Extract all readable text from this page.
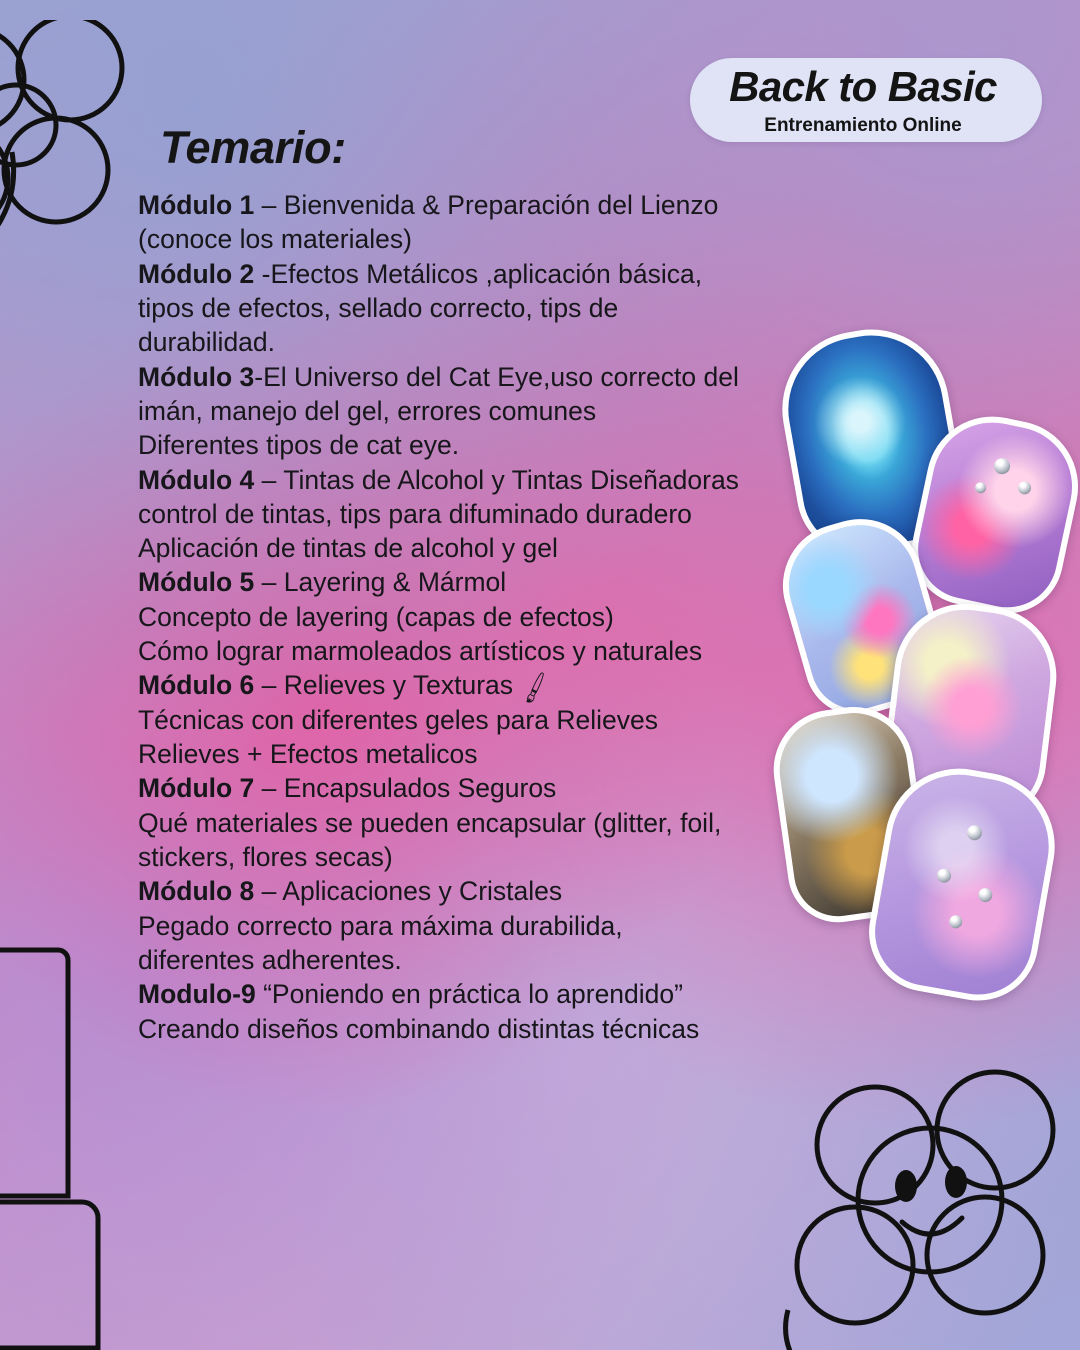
Back to Basic
Entrenamiento Online
Temario:

Módulo 1 – Bienvenida & Preparación del Lienzo
(conoce los materiales)

Módulo 2 -Efectos Metálicos ,aplicación básica,
tipos de efectos, sellado correcto, tips de
durabilidad.

Módulo 3-El Universo del Cat Eye,uso correcto del
imán, manejo del gel, errores comunes
Diferentes tipos de cat eye.

Módulo 4 – Tintas de Alcohol y Tintas Diseñadoras
control de tintas, tips para difuminado duradero
Aplicación de tintas de alcohol y gel

Módulo 5 – Layering & Mármol
Concepto de layering (capas de efectos)
Cómo lograr marmoleados artísticos y naturales

Módulo 6 – Relieves y Texturas 🖌
Técnicas con diferentes geles para Relieves
Relieves + Efectos metalicos

Módulo 7 – Encapsulados Seguros
Qué materiales se pueden encapsular (glitter, foil,
stickers, flores secas)

Módulo 8 – Aplicaciones y Cristales
Pegado correcto para máxima durabilida,
diferentes adherentes.

Modulo-9 “Poniendo en práctica lo aprendido”
Creando diseños combinando distintas técnicas
